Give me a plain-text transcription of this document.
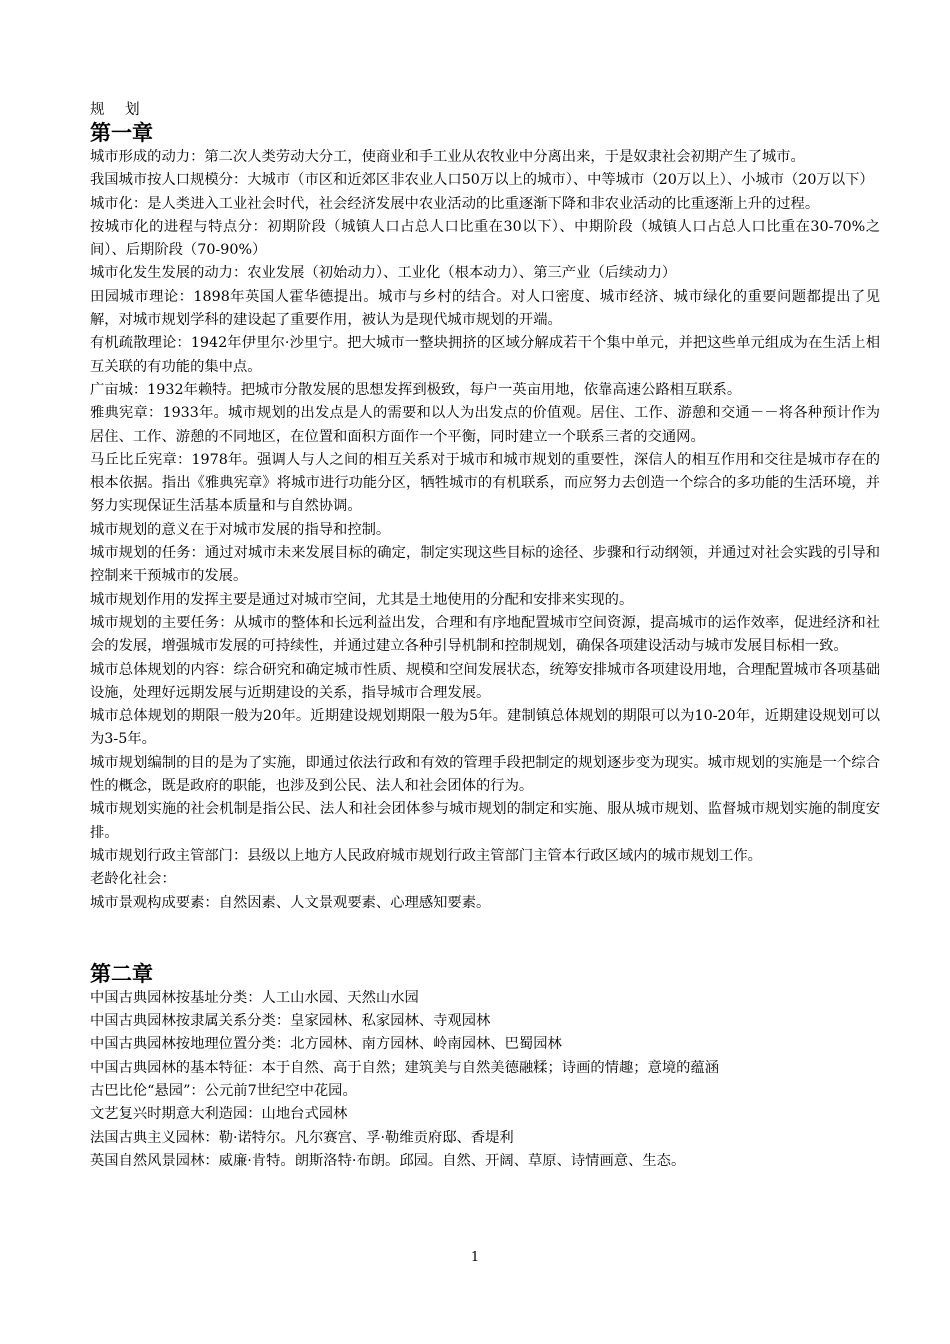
规 划
第一章

城市形成的动力：第二次人类劳动大分工，使商业和手工业从农牧业中分离出来，于是奴隶社会初期产生了城市。

我国城市按人口规模分：大城市（市区和近郊区非农业人口50万以上的城市）、中等城市（20万以上）、小城市（20万以下）

城市化：是人类进入工业社会时代，社会经济发展中农业活动的比重逐渐下降和非农业活动的比重逐渐上升的过程。

按城市化的进程与特点分：初期阶段（城镇人口占总人口比重在30以下）、中期阶段（城镇人口占总人口比重在30-70%之间）、后期阶段（70-90%）

城市化发生发展的动力：农业发展（初始动力）、工业化（根本动力）、第三产业（后续动力）

田园城市理论：1898年英国人霍华德提出。城市与乡村的结合。对人口密度、城市经济、城市绿化的重要问题都提出了见解，对城市规划学科的建设起了重要作用，被认为是现代城市规划的开端。

有机疏散理论：1942年伊里尔·沙里宁。把大城市一整块拥挤的区域分解成若干个集中单元，并把这些单元组成为在生活上相互关联的有功能的集中点。

广亩城：1932年赖特。把城市分散发展的思想发挥到极致，每户一英亩用地，依靠高速公路相互联系。

雅典宪章：1933年。城市规划的出发点是人的需要和以人为出发点的价值观。居住、工作、游憩和交通－－将各种预计作为居住、工作、游憩的不同地区，在位置和面积方面作一个平衡，同时建立一个联系三者的交通网。

马丘比丘宪章：1978年。强调人与人之间的相互关系对于城市和城市规划的重要性，深信人的相互作用和交往是城市存在的根本依据。指出《雅典宪章》将城市进行功能分区，牺牲城市的有机联系，而应努力去创造一个综合的多功能的生活环境，并努力实现保证生活基本质量和与自然协调。

城市规划的意义在于对城市发展的指导和控制。

城市规划的任务：通过对城市未来发展目标的确定，制定实现这些目标的途径、步骤和行动纲领，并通过对社会实践的引导和控制来干预城市的发展。

城市规划作用的发挥主要是通过对城市空间，尤其是土地使用的分配和安排来实现的。

城市规划的主要任务：从城市的整体和长远利益出发，合理和有序地配置城市空间资源，提高城市的运作效率，促进经济和社会的发展，增强城市发展的可持续性，并通过建立各种引导机制和控制规划，确保各项建设活动与城市发展目标相一致。

城市总体规划的内容：综合研究和确定城市性质、规模和空间发展状态，统筹安排城市各项建设用地，合理配置城市各项基础设施，处理好远期发展与近期建设的关系，指导城市合理发展。

城市总体规划的期限一般为20年。近期建设规划期限一般为5年。建制镇总体规划的期限可以为10-20年，近期建设规划可以为3-5年。

城市规划编制的目的是为了实施，即通过依法行政和有效的管理手段把制定的规划逐步变为现实。城市规划的实施是一个综合性的概念，既是政府的职能，也涉及到公民、法人和社会团体的行为。

城市规划实施的社会机制是指公民、法人和社会团体参与城市规划的制定和实施、服从城市规划、监督城市规划实施的制度安排。

城市规划行政主管部门：县级以上地方人民政府城市规划行政主管部门主管本行政区域内的城市规划工作。

老龄化社会：

城市景观构成要素：自然因素、人文景观要素、心理感知要素。

第二章

中国古典园林按基址分类：人工山水园、天然山水园

中国古典园林按隶属关系分类：皇家园林、私家园林、寺观园林

中国古典园林按地理位置分类：北方园林、南方园林、岭南园林、巴蜀园林

中国古典园林的基本特征：本于自然、高于自然；建筑美与自然美德融糅；诗画的情趣；意境的蕴涵

古巴比伦“悬园”：公元前7世纪空中花园。

文艺复兴时期意大利造园：山地台式园林

法国古典主义园林：勒·诺特尔。凡尔赛宫、孚·勒维贡府邸、香堤利

英国自然风景园林：威廉·肯特。朗斯洛特·布朗。邱园。自然、开阔、草原、诗情画意、生态。

1
